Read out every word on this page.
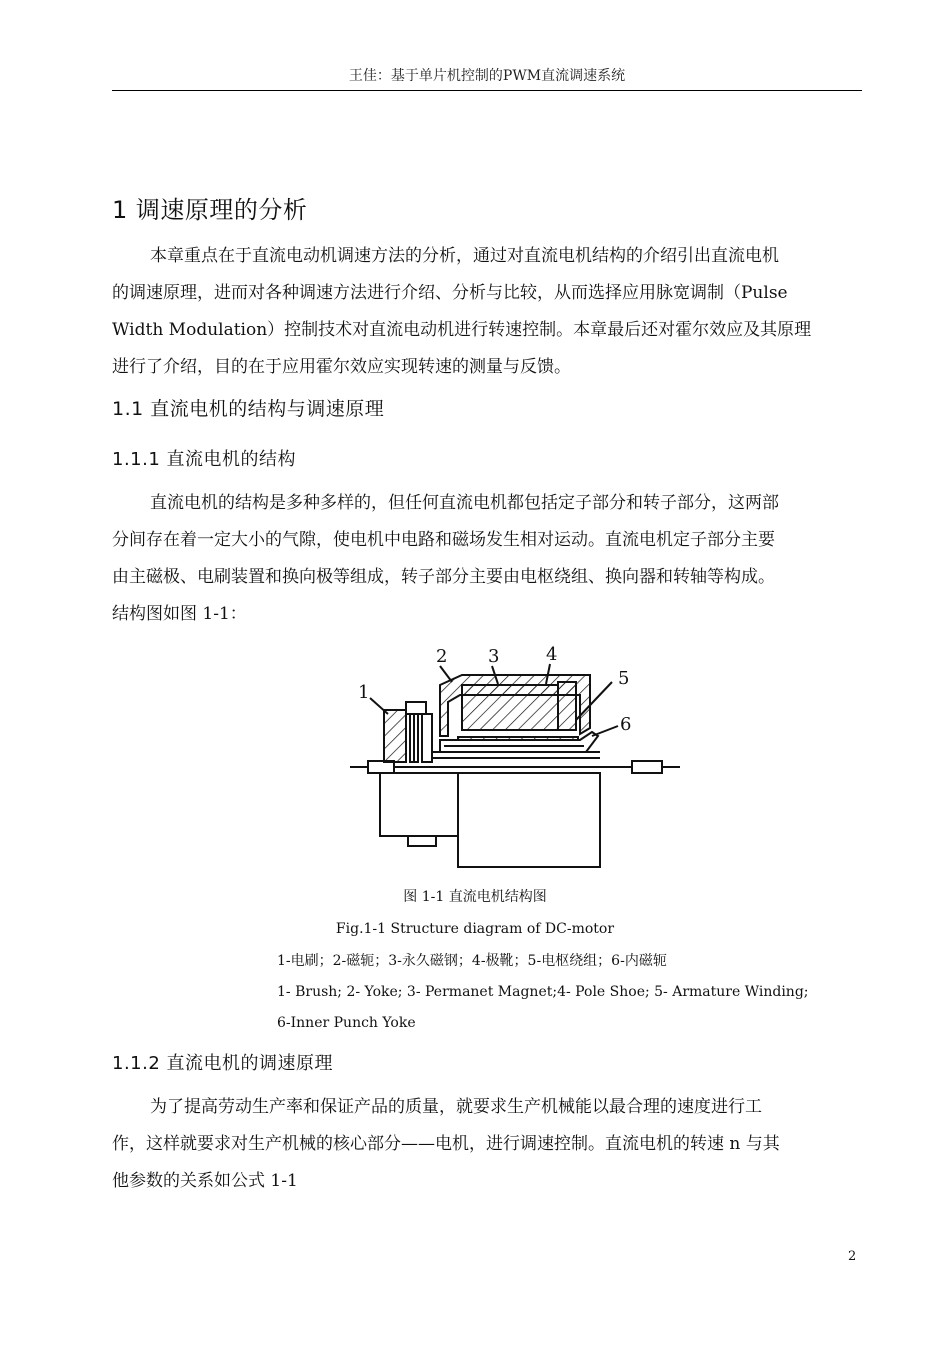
王佳：基于单片机控制的PWM直流调速系统
1 调速原理的分析
本章重点在于直流电动机调速方法的分析，通过对直流电机结构的介绍引出直流电机
的调速原理，进而对各种调速方法进行介绍、分析与比较，从而选择应用脉宽调制（Pulse
Width Modulation）控制技术对直流电动机进行转速控制。本章最后还对霍尔效应及其原理
进行了介绍，目的在于应用霍尔效应实现转速的测量与反馈。
1.1 直流电机的结构与调速原理
1.1.1 直流电机的结构
直流电机的结构是多种多样的，但任何直流电机都包括定子部分和转子部分，这两部
分间存在着一定大小的气隙，使电机中电路和磁场发生相对运动。直流电机定子部分主要
由主磁极、电刷装置和换向极等组成，转子部分主要由电枢绕组、换向器和转轴等构成。
结构图如图 1-1：
1
2 3	4
5
6
图 1-1 直流电机结构图
Fig.1-1 Structure diagram of DC-motor
1-电刷；2-磁轭；3-永久磁钢；4-极靴；5-电枢绕组；6-内磁轭
1- Brush; 2- Yoke; 3- Permanet Magnet;4- Pole Shoe; 5- Armature Winding;
6-Inner Punch Yoke
1.1.2 直流电机的调速原理
为了提高劳动生产率和保证产品的质量，就要求生产机械能以最合理的速度进行工
作，这样就要求对生产机械的核心部分——电机，进行调速控制。直流电机的转速 n 与其
他参数的关系如公式 1-1
2
